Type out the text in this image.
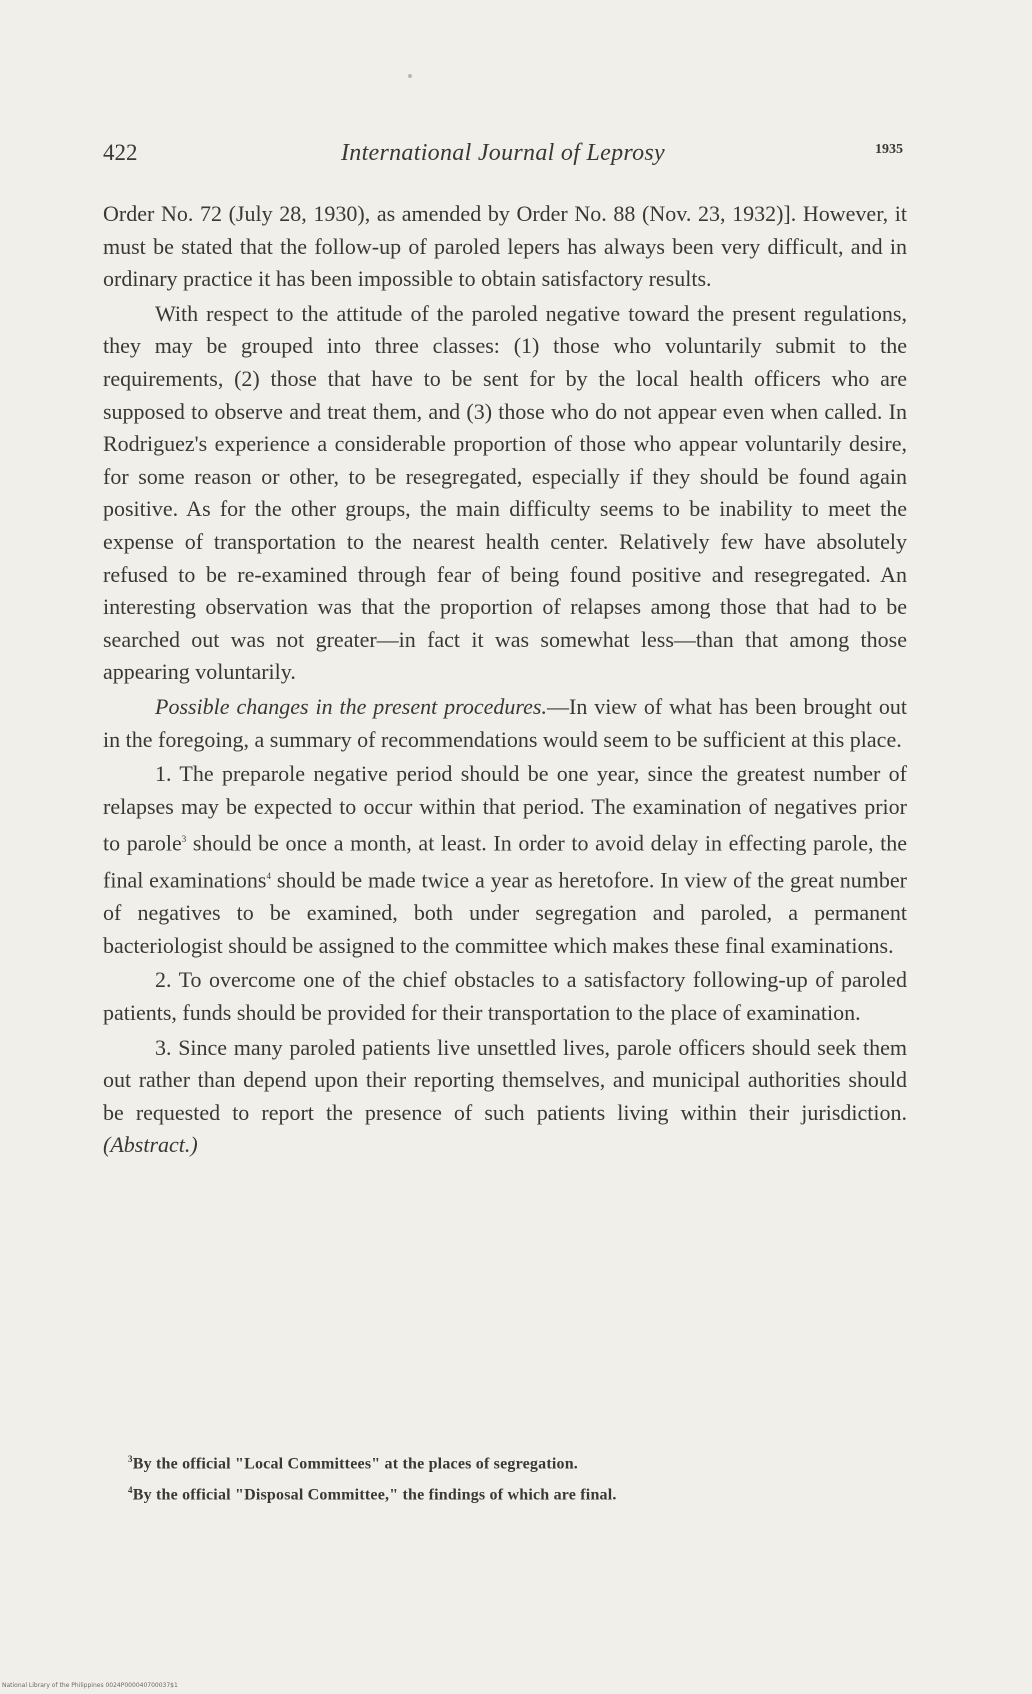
422	International Journal of Leprosy	1935

Order No. 72 (July 28, 1930), as amended by Order No. 88 (Nov. 23, 1932)]. However, it must be stated that the follow-up of paroled lepers has always been very difficult, and in ordinary practice it has been impossible to obtain satisfactory results.

With respect to the attitude of the paroled negative toward the present regulations, they may be grouped into three classes: (1) those who voluntarily submit to the requirements, (2) those that have to be sent for by the local health officers who are supposed to observe and treat them, and (3) those who do not appear even when called. In Rodriguez's experience a considerable proportion of those who appear voluntarily desire, for some reason or other, to be resegregated, especially if they should be found again positive. As for the other groups, the main difficulty seems to be inability to meet the expense of transportation to the nearest health center. Relatively few have absolutely refused to be re-examined through fear of being found positive and resegregated. An interesting observation was that the proportion of relapses among those that had to be searched out was not greater—in fact it was somewhat less—than that among those appearing voluntarily.

Possible changes in the present procedures.—In view of what has been brought out in the foregoing, a summary of recommendations would seem to be sufficient at this place.

1. The preparole negative period should be one year, since the greatest number of relapses may be expected to occur within that period. The examination of negatives prior to parole$^3$ should be once a month, at least. In order to avoid delay in effecting parole, the final examinations$^4$ should be made twice a year as heretofore. In view of the great number of negatives to be examined, both under segregation and paroled, a permanent bacteriologist should be assigned to the committee which makes these final examinations.

2. To overcome one of the chief obstacles to a satisfactory following-up of paroled patients, funds should be provided for their transportation to the place of examination.

3. Since many paroled patients live unsettled lives, parole officers should seek them out rather than depend upon their reporting themselves, and municipal authorities should be requested to report the presence of such patients living within their jurisdiction. (Abstract.)

$^3$By the official "Local Committees" at the places of segregation.

$^4$By the official "Disposal Committee," the findings of which are final.

National Library of the Philippines 0024P000040700037$1
